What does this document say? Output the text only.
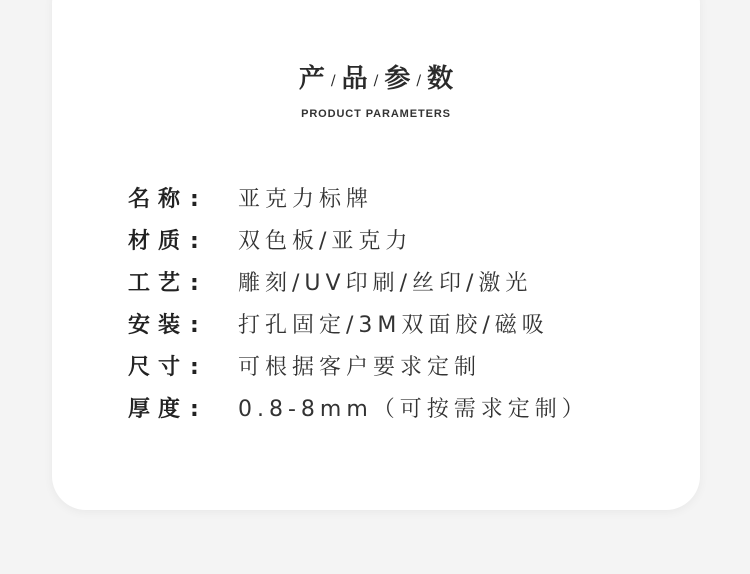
产 / 品 / 参 / 数
PRODUCT PARAMETERS
名称 : 亚克力标牌
材质 : 双色板/亚克力
工艺 : 雕刻/UV印刷/丝印/激光
安装 : 打孔固定/3M双面胶/磁吸
尺寸 : 可根据客户要求定制
厚度 : 0.8-8mm（可按需求定制）
